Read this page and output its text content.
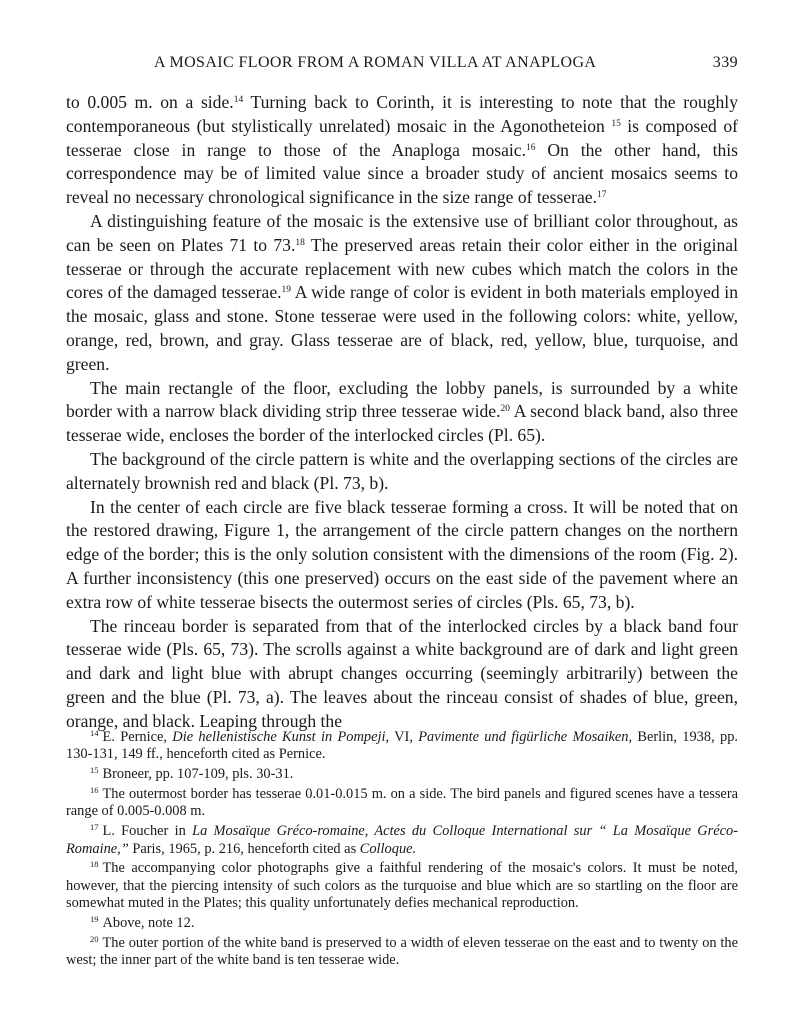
A MOSAIC FLOOR FROM A ROMAN VILLA AT ANAPLOGA	339

to 0.005 m. on a side.$^{14}$ Turning back to Corinth, it is interesting to note that the roughly contemporaneous (but stylistically unrelated) mosaic in the Agonotheteion $^{15}$ is composed of tesserae close in range to those of the Anaploga mosaic.$^{16}$ On the other hand, this correspondence may be of limited value since a broader study of ancient mosaics seems to reveal no necessary chronological significance in the size range of tesserae.$^{17}$

A distinguishing feature of the mosaic is the extensive use of brilliant color throughout, as can be seen on Plates 71 to 73.18 The preserved areas retain their color either in the original tesserae or through the accurate replacement with new cubes which match the colors in the cores of the damaged tesserae.$^{19}$ A wide range of color is evident in both materials employed in the mosaic, glass and stone. Stone tesserae were used in the following colors: white, yellow, orange, red, brown, and gray. Glass tesserae are of black, red, yellow, blue, turquoise, and green.

The main rectangle of the floor, excluding the lobby panels, is surrounded by a white border with a narrow black dividing strip three tesserae wide.$^{20}$ A second black band, also three tesserae wide, encloses the border of the interlocked circles (Pl. 65).

The background of the circle pattern is white and the overlapping sections of the circles are alternately brownish red and black (Pl. 73, b).

In the center of each circle are five black tesserae forming a cross. It will be noted that on the restored drawing, Figure 1, the arrangement of the circle pattern changes on the northern edge of the border; this is the only solution consistent with the dimensions of the room (Fig. 2). A further inconsistency (this one preserved) occurs on the east side of the pavement where an extra row of white tesserae bisects the outermost series of circles (Pls. 65, 73, b).

The rinceau border is separated from that of the interlocked circles by a black band four tesserae wide (Pls. 65, 73). The scrolls against a white background are of dark and light green and dark and light blue with abrupt changes occurring (seemingly arbitrarily) between the green and the blue (Pl. 73, a). The leaves about the rinceau consist of shades of blue, green, orange, and black. Leaping through the

$^{14}$ E. Pernice, Die hellenistische Kunst in Pompeji, VI, Pavimente und figürliche Mosaiken, Berlin, 1938, pp. 130-131, 149 ff., henceforth cited as Pernice.

$^{15}$ Broneer, pp. 107-109, pls. 30-31.

$^{16}$ The outermost border has tesserae 0.01-0.015 m. on a side. The bird panels and figured scenes have a tessera range of 0.005-0.008 m.

$^{17}$ L. Foucher in La Mosaïque Gréco-romaine, Actes du Colloque International sur “ La Mosaïque Gréco-Romaine,” Paris, 1965, p. 216, henceforth cited as Colloque.

$^{18}$ The accompanying color photographs give a faithful rendering of the mosaic's colors. It must be noted, however, that the piercing intensity of such colors as the turquoise and blue which are so startling on the floor are somewhat muted in the Plates; this quality unfortunately defies mechanical reproduction.

$^{19}$ Above, note 12.

$^{20}$ The outer portion of the white band is preserved to a width of eleven tesserae on the east and to twenty on the west; the inner part of the white band is ten tesserae wide.
